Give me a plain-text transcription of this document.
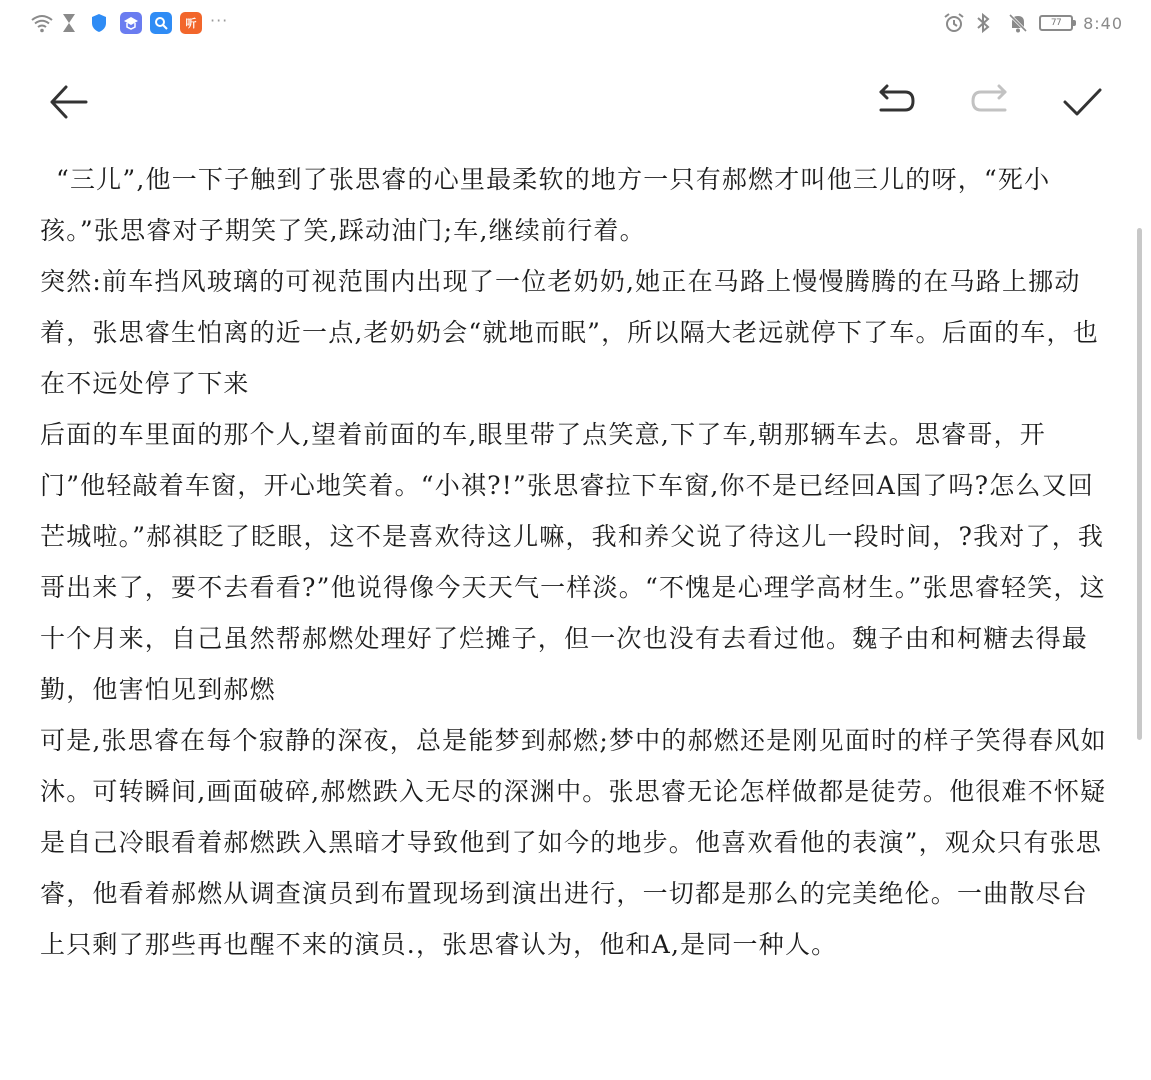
听 ···	77	8:40

“三儿”,他一下子触到了张思睿的心里最柔软的地方一只有郝燃才叫他三儿的呀，“死小孩。”张思睿对子期笑了笑,踩动油门;车,继续前行着。

突然:前车挡风玻璃的可视范围内出现了一位老奶奶,她正在马路上慢慢腾腾的在马路上挪动着，张思睿生怕离的近一点,老奶奶会“就地而眠”，所以隔大老远就停下了车。后面的车，也在不远处停了下来

后面的车里面的那个人,望着前面的车,眼里带了点笑意,下了车,朝那辆车去。思睿哥，开门”他轻敲着车窗，开心地笑着。“小祺?!”张思睿拉下车窗,你不是已经回A国了吗?怎么又回芒城啦。”郝祺眨了眨眼，这不是喜欢待这儿嘛，我和养父说了待这儿一段时间，?我对了，我哥出来了，要不去看看?”他说得像今天天气一样淡。“不愧是心理学高材生。”张思睿轻笑，这十个月来，自己虽然帮郝燃处理好了烂摊子，但一次也没有去看过他。魏子由和柯糖去得最勤，他害怕见到郝燃

可是,张思睿在每个寂静的深夜，总是能梦到郝燃;梦中的郝燃还是刚见面时的样子笑得春风如沐。可转瞬间,画面破碎,郝燃跌入无尽的深渊中。张思睿无论怎样做都是徒劳。他很难不怀疑是自己冷眼看着郝燃跌入黑暗才导致他到了如今的地步。他喜欢看他的表演”，观众只有张思睿，他看着郝燃从调查演员到布置现场到演出进行，一切都是那么的完美绝伦。一曲散尽台上只剩了那些再也醒不来的演员.，张思睿认为，他和A,是同一种人。
